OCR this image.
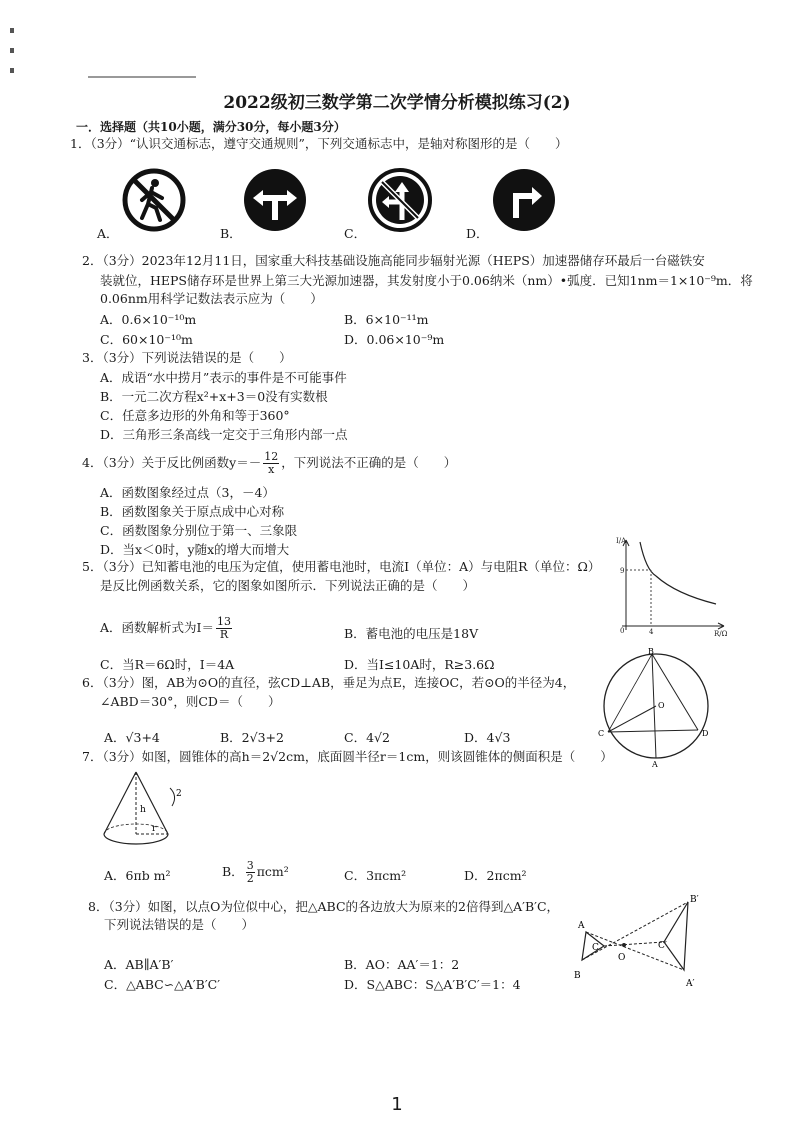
2022级初三数学第二次学情分析模拟练习(2)
一．选择题（共10小题，满分30分，每小题3分）
1．（3分）“认识交通标志，遵守交通规则”，下列交通标志中，是轴对称图形的是（　　）
A．	B．	C．	D．
2．（3分）2023年12月11日，国家重大科技基础设施高能同步辐射光源（HEPS）加速器储存环最后一台磁铁安
装就位，HEPS储存环是世界上第三大光源加速器，其发射度小于0.06纳米（nm）•弧度．已知1nm＝1×10⁻⁹m．将
0.06nm用科学记数法表示应为（　　）
A．0.6×10⁻¹⁰m	B．6×10⁻¹¹m
C．60×10⁻¹⁰m	D．0.06×10⁻⁹m
3．（3分）下列说法错误的是（　　）
A．成语“水中捞月”表示的事件是不可能事件
B．一元二次方程x²+x+3＝0没有实数根
C．任意多边形的外角和等于360°
D．三角形三条高线一定交于三角形内部一点
4．（3分）关于反比例函数$y=- \frac{12}{x}$ ，下列说法不正确的是（　　）
A．函数图象经过点（3，－4）
B．函数图象关于原点成中心对称
C．函数图象分别位于第一、三象限
D．当x＜0时，y随x的增大而增大
5．（3分）已知蓄电池的电压为定值，使用蓄电池时，电流I（单位：A）与电阻R（单位：Ω）
是反比例函数关系，它的图象如图所示．下列说法正确的是（　　）
A．函数解析式为$I= \frac{13}{R}$	B．蓄电池的电压是18V
C．当R＝6Ω时，I＝4A	D．当I≤10A时，R≥3.6Ω
I/A
R/Ω
0	4
9
6．（3分）图，AB为⊙O的直径，弦CD⊥AB，垂足为点E，连接OC，若⊙O的半径为4，
∠ABD＝30°，则CD＝（　　）
A．√3+4	B．2√3+2	C．4√2	D．4√3
B
O
C	D
A
7．（3分）如图，圆锥体的高h＝2√2cm，底面圆半径r＝1cm，则该圆锥体的侧面积是（　　）
h
r
2
A．6πb m²	B． $\frac{3}{2} \pi cm^2$	C．3πcm²	D．2πcm²
8．（3分）如图，以点O为位似中心，把△ABC的各边放大为原来的2倍得到△A′B′C，
下列说法错误的是（　　）
A．AB∥A′B′	B．AO：AA′＝1：2
C．△ABC∽△A′B′C′	D．S△ABC：S△A′B′C′＝1：4
A
B
C
O
A′
B′
C′
1
